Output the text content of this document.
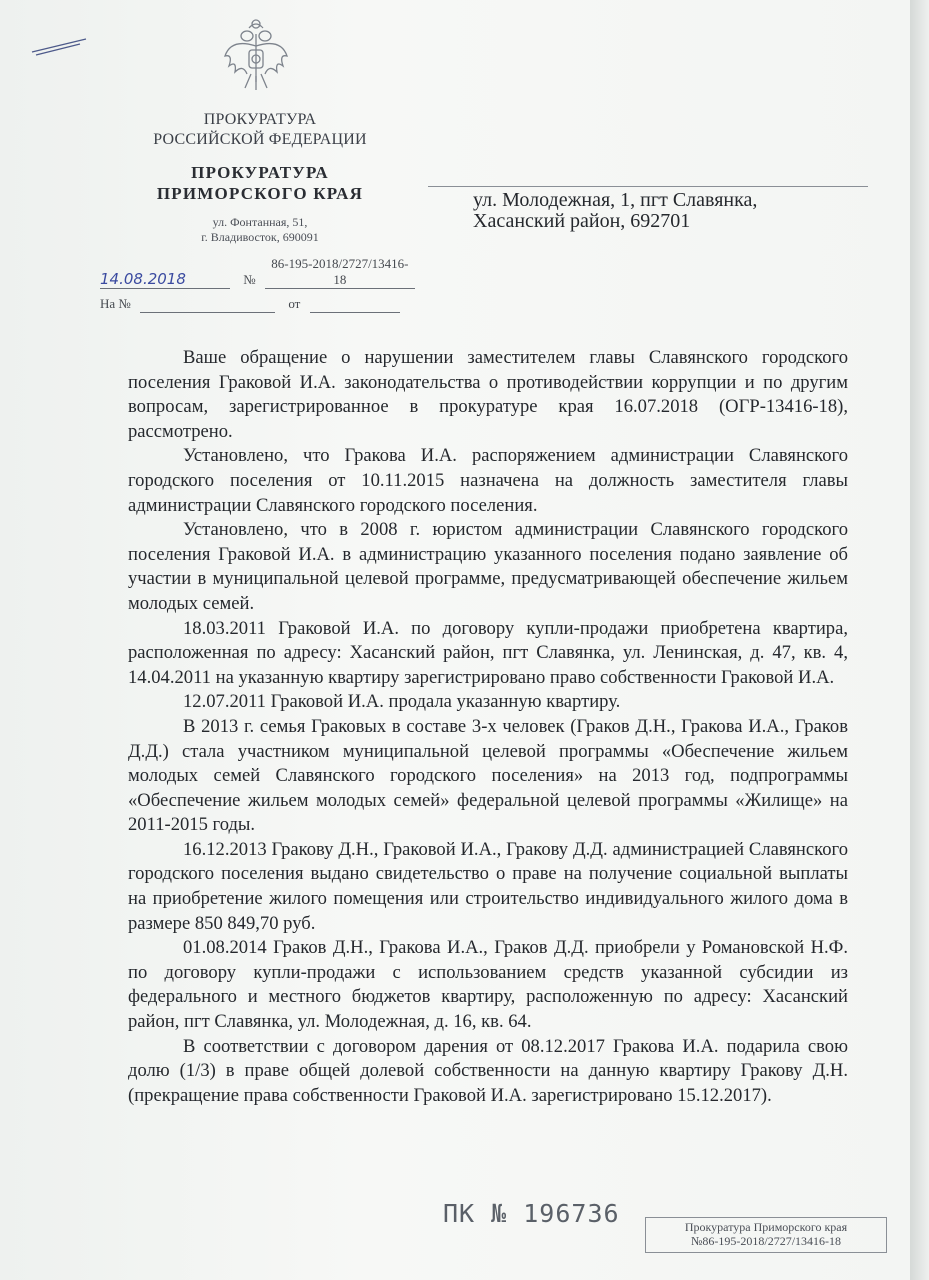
ПРОКУРАТУРА
РОССИЙСКОЙ ФЕДЕРАЦИИ
ПРОКУРАТУРА
ПРИМОРСКОГО КРАЯ
ул. Фонтанная, 51,
г. Владивосток, 690091
ул. Молодежная, 1, пгт Славянка,
Хасанский район, 692701
14.08.2018	№ 86-195-2018/2727/13416-18
На №	от

Ваше обращение о нарушении заместителем главы Славянского городского поселения Граковой И.А. законодательства о противодействии коррупции и по другим вопросам, зарегистрированное в прокуратуре края 16.07.2018 (ОГР-13416-18), рассмотрено.

Установлено, что Гракова И.А. распоряжением администрации Славянского городского поселения от 10.11.2015 назначена на должность заместителя главы администрации Славянского городского поселения.

Установлено, что в 2008 г. юристом администрации Славянского городского поселения Граковой И.А. в администрацию указанного поселения подано заявление об участии в муниципальной целевой программе, предусматривающей обеспечение жильем молодых семей.

18.03.2011 Граковой И.А. по договору купли-продажи приобретена квартира, расположенная по адресу: Хасанский район, пгт Славянка, ул. Ленинская, д. 47, кв. 4, 14.04.2011 на указанную квартиру зарегистрировано право собственности Граковой И.А.

12.07.2011 Граковой И.А. продала указанную квартиру.

В 2013 г. семья Граковых в составе 3-х человек (Граков Д.Н., Гракова И.А., Граков Д.Д.) стала участником муниципальной целевой программы «Обеспечение жильем молодых семей Славянского городского поселения» на 2013 год, подпрограммы «Обеспечение жильем молодых семей» федеральной целевой программы «Жилище» на 2011-2015 годы.

16.12.2013 Гракову Д.Н., Граковой И.А., Гракову Д.Д. администрацией Славянского городского поселения выдано свидетельство о праве на получение социальной выплаты на приобретение жилого помещения или строительство индивидуального жилого дома в размере 850 849,70 руб.

01.08.2014 Граков Д.Н., Гракова И.А., Граков Д.Д. приобрели у Романовской Н.Ф. по договору купли-продажи с использованием средств указанной субсидии из федерального и местного бюджетов квартиру, расположенную по адресу: Хасанский район, пгт Славянка, ул. Молодежная, д. 16, кв. 64.

В соответствии с договором дарения от 08.12.2017 Гракова И.А. подарила свою долю (1/3) в праве общей долевой собственности на данную квартиру Гракову Д.Н. (прекращение права собственности Граковой И.А. зарегистрировано 15.12.2017).

ПК № 196736	Прокуратура Приморского края
№86-195-2018/2727/13416-18
